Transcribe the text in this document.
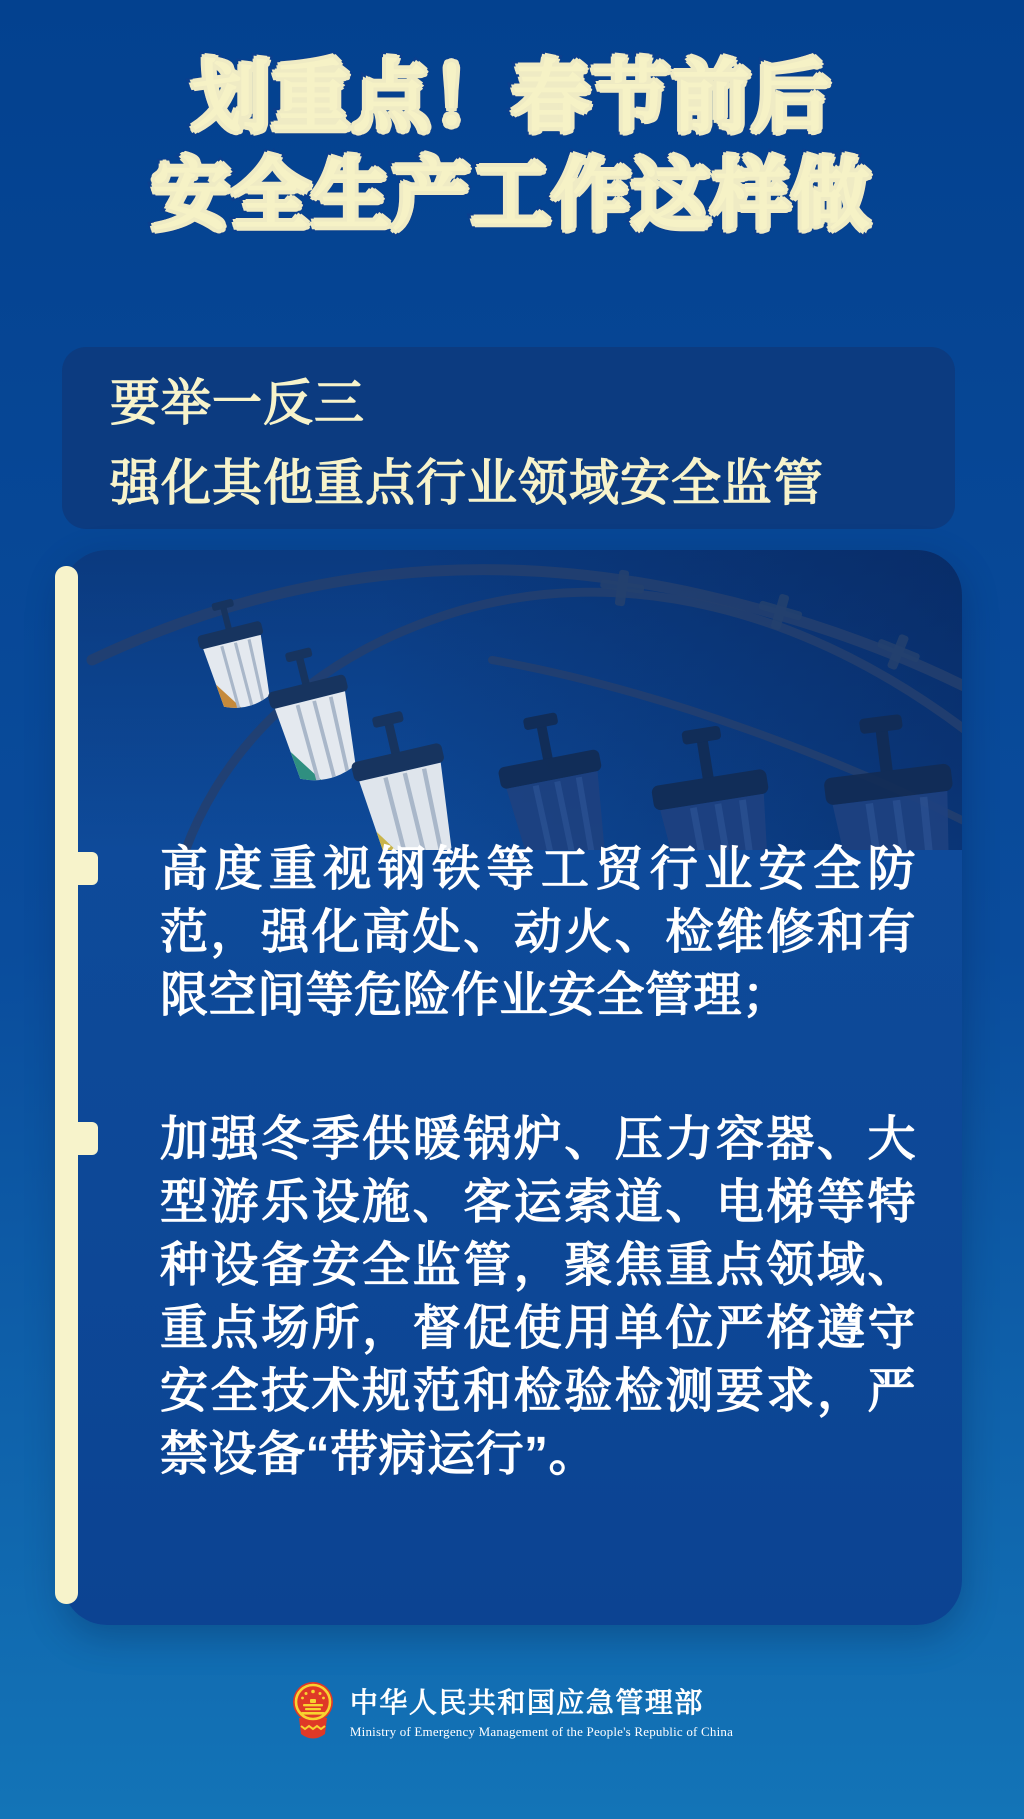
划重点！春节前后
安全生产工作这样做
要举一反三
强化其他重点行业领域安全监管
高度重视钢铁等工贸行业安全防范，强化高处、动火、检维修和有限空间等危险作业安全管理；
加强冬季供暖锅炉、压力容器、大型游乐设施、客运索道、电梯等特种设备安全监管，聚焦重点领域、重点场所，督促使用单位严格遵守安全技术规范和检验检测要求，严禁设备“带病运行”。
中华人民共和国应急管理部
Ministry of Emergency Management of the People's Republic of China
